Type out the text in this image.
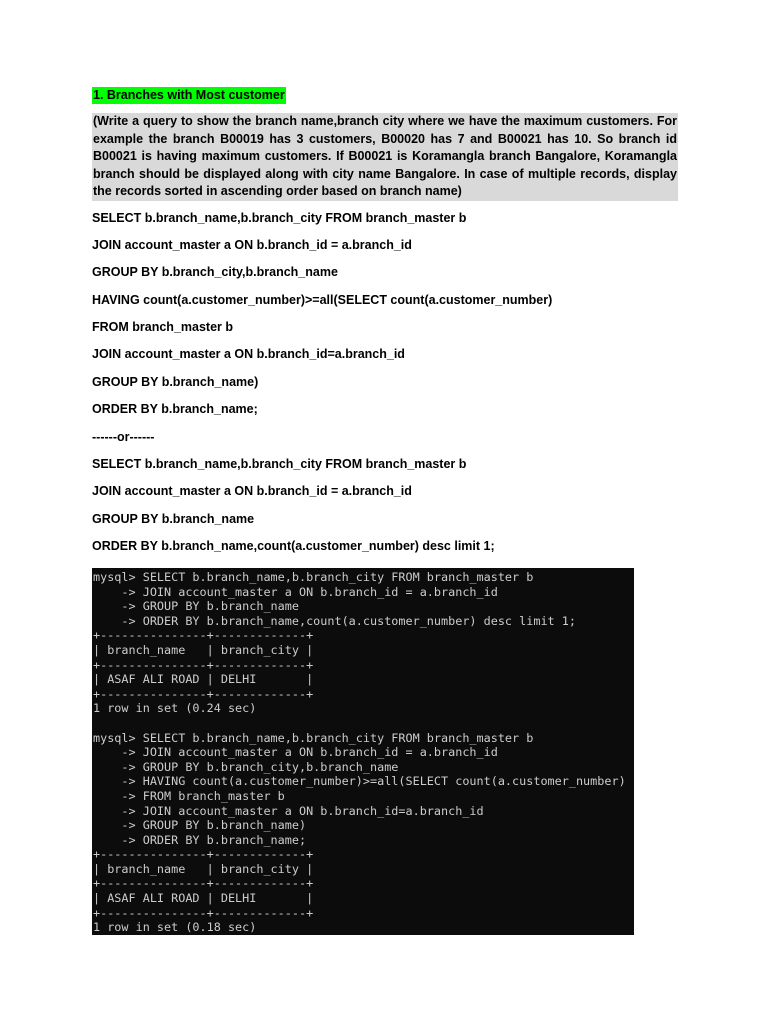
1. Branches with Most customer
(Write a query to show the branch name,branch city where we have the maximum customers. For example the branch B00019 has 3 customers, B00020 has 7 and B00021 has 10. So branch id B00021 is having maximum customers. If B00021 is Koramangla branch Bangalore, Koramangla branch should be displayed along with city name Bangalore. In case of multiple records, display the records sorted in ascending order based on branch name)
SELECT b.branch_name,b.branch_city FROM branch_master b
JOIN account_master a ON b.branch_id = a.branch_id
GROUP BY b.branch_city,b.branch_name
HAVING count(a.customer_number)>=all(SELECT count(a.customer_number)
FROM branch_master b
JOIN account_master a ON b.branch_id=a.branch_id
GROUP BY b.branch_name)
ORDER BY b.branch_name;
------or------
SELECT b.branch_name,b.branch_city FROM branch_master b
JOIN account_master a ON b.branch_id = a.branch_id
GROUP BY b.branch_name
ORDER BY b.branch_name,count(a.customer_number) desc limit 1;
mysql> SELECT b.branch_name,b.branch_city FROM branch_master b
-> JOIN account_master a ON b.branch_id = a.branch_id
-> GROUP BY b.branch_name
-> ORDER BY b.branch_name,count(a.customer_number) desc limit 1;
+---------------+-------------+
| branch_name   | branch_city |
+---------------+-------------+
| ASAF ALI ROAD | DELHI       |
+---------------+-------------+
1 row in set (0.24 sec)
mysql> SELECT b.branch_name,b.branch_city FROM branch_master b
-> JOIN account_master a ON b.branch_id = a.branch_id
-> GROUP BY b.branch_city,b.branch_name
-> HAVING count(a.customer_number)>=all(SELECT count(a.customer_number)
-> FROM branch_master b
-> JOIN account_master a ON b.branch_id=a.branch_id
-> GROUP BY b.branch_name)
-> ORDER BY b.branch_name;
+---------------+-------------+
| branch_name   | branch_city |
+---------------+-------------+
| ASAF ALI ROAD | DELHI       |
+---------------+-------------+
1 row in set (0.18 sec)
